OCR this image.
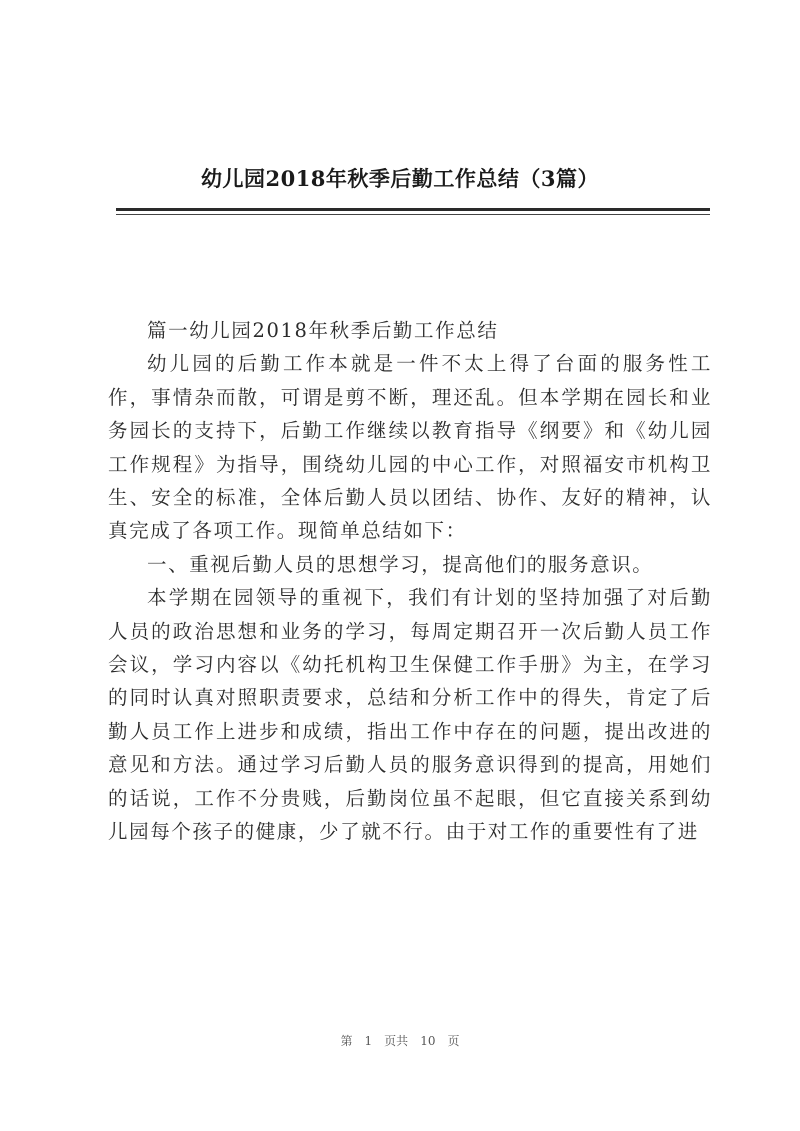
幼儿园2018年秋季后勤工作总结（3篇）

篇一幼儿园2018年秋季后勤工作总结

幼儿园的后勤工作本就是一件不太上得了台面的服务性工作，事情杂而散，可谓是剪不断，理还乱。但本学期在园长和业务园长的支持下，后勤工作继续以教育指导《纲要》和《幼儿园工作规程》为指导，围绕幼儿园的中心工作，对照福安市机构卫生、安全的标准，全体后勤人员以团结、协作、友好的精神，认真完成了各项工作。现简单总结如下：

一、重视后勤人员的思想学习，提高他们的服务意识。

本学期在园领导的重视下，我们有计划的坚持加强了对后勤人员的政治思想和业务的学习，每周定期召开一次后勤人员工作会议，学习内容以《幼托机构卫生保健工作手册》为主，在学习的同时认真对照职责要求，总结和分析工作中的得失，肯定了后勤人员工作上进步和成绩，指出工作中存在的问题，提出改进的意见和方法。通过学习后勤人员的服务意识得到的提高，用她们的话说，工作不分贵贱，后勤岗位虽不起眼，但它直接关系到幼儿园每个孩子的健康，少了就不行。由于对工作的重要性有了进

第 1 页共 10 页
